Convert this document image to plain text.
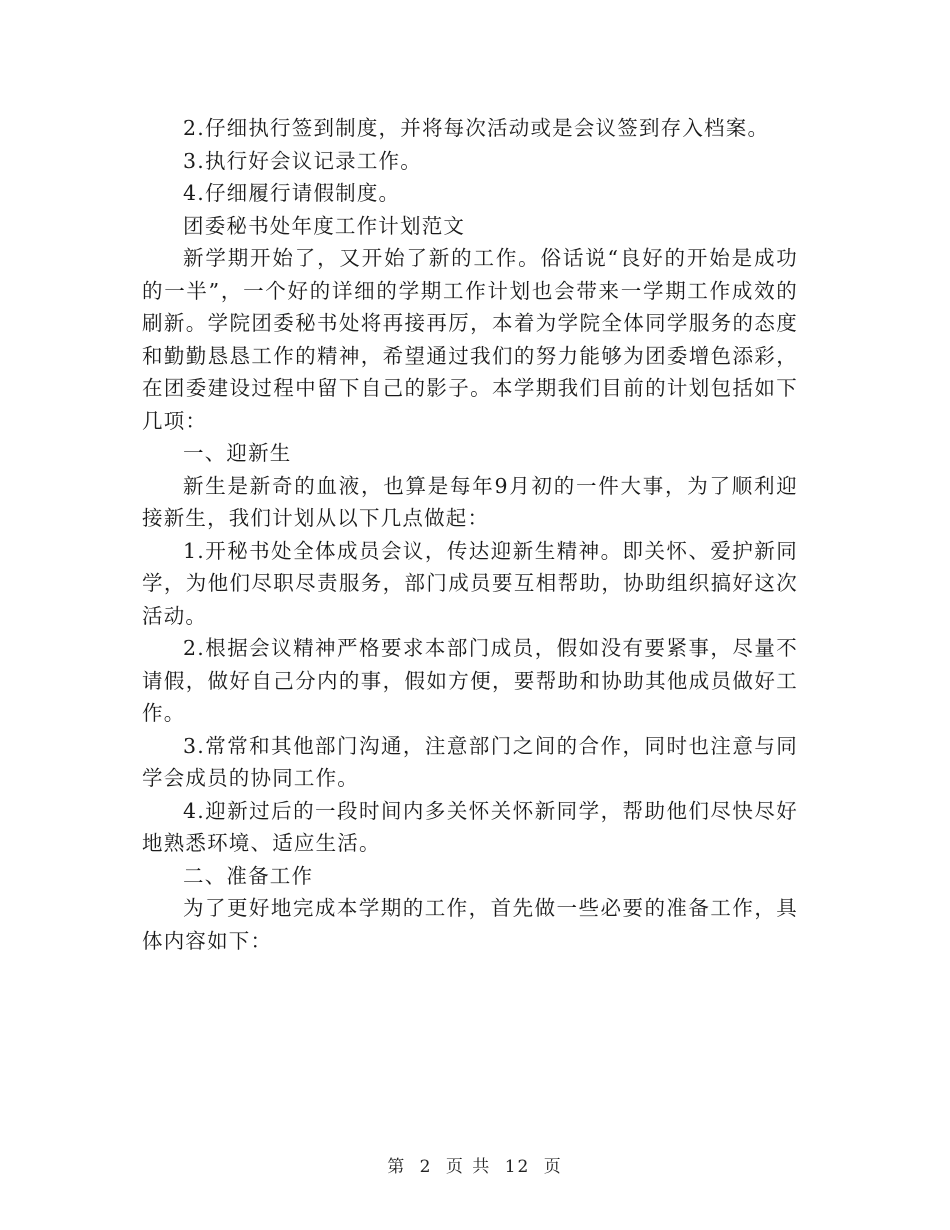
2.仔细执行签到制度，并将每次活动或是会议签到存入档案。

3.执行好会议记录工作。

4.仔细履行请假制度。

团委秘书处年度工作计划范文

新学期开始了，又开始了新的工作。俗话说“良好的开始是成功的一半”，一个好的详细的学期工作计划也会带来一学期工作成效的刷新。学院团委秘书处将再接再厉，本着为学院全体同学服务的态度和勤勤恳恳工作的精神，希望通过我们的努力能够为团委增色添彩，在团委建设过程中留下自己的影子。本学期我们目前的计划包括如下几项：

一、迎新生

新生是新奇的血液，也算是每年9月初的一件大事，为了顺利迎接新生，我们计划从以下几点做起：

1.开秘书处全体成员会议，传达迎新生精神。即关怀、爱护新同学，为他们尽职尽责服务，部门成员要互相帮助，协助组织搞好这次活动。

2.根据会议精神严格要求本部门成员，假如没有要紧事，尽量不请假，做好自己分内的事，假如方便，要帮助和协助其他成员做好工作。

3.常常和其他部门沟通，注意部门之间的合作，同时也注意与同学会成员的协同工作。

4.迎新过后的一段时间内多关怀关怀新同学，帮助他们尽快尽好地熟悉环境、适应生活。

二、准备工作

为了更好地完成本学期的工作，首先做一些必要的准备工作，具体内容如下：

第 2 页 共 12 页
